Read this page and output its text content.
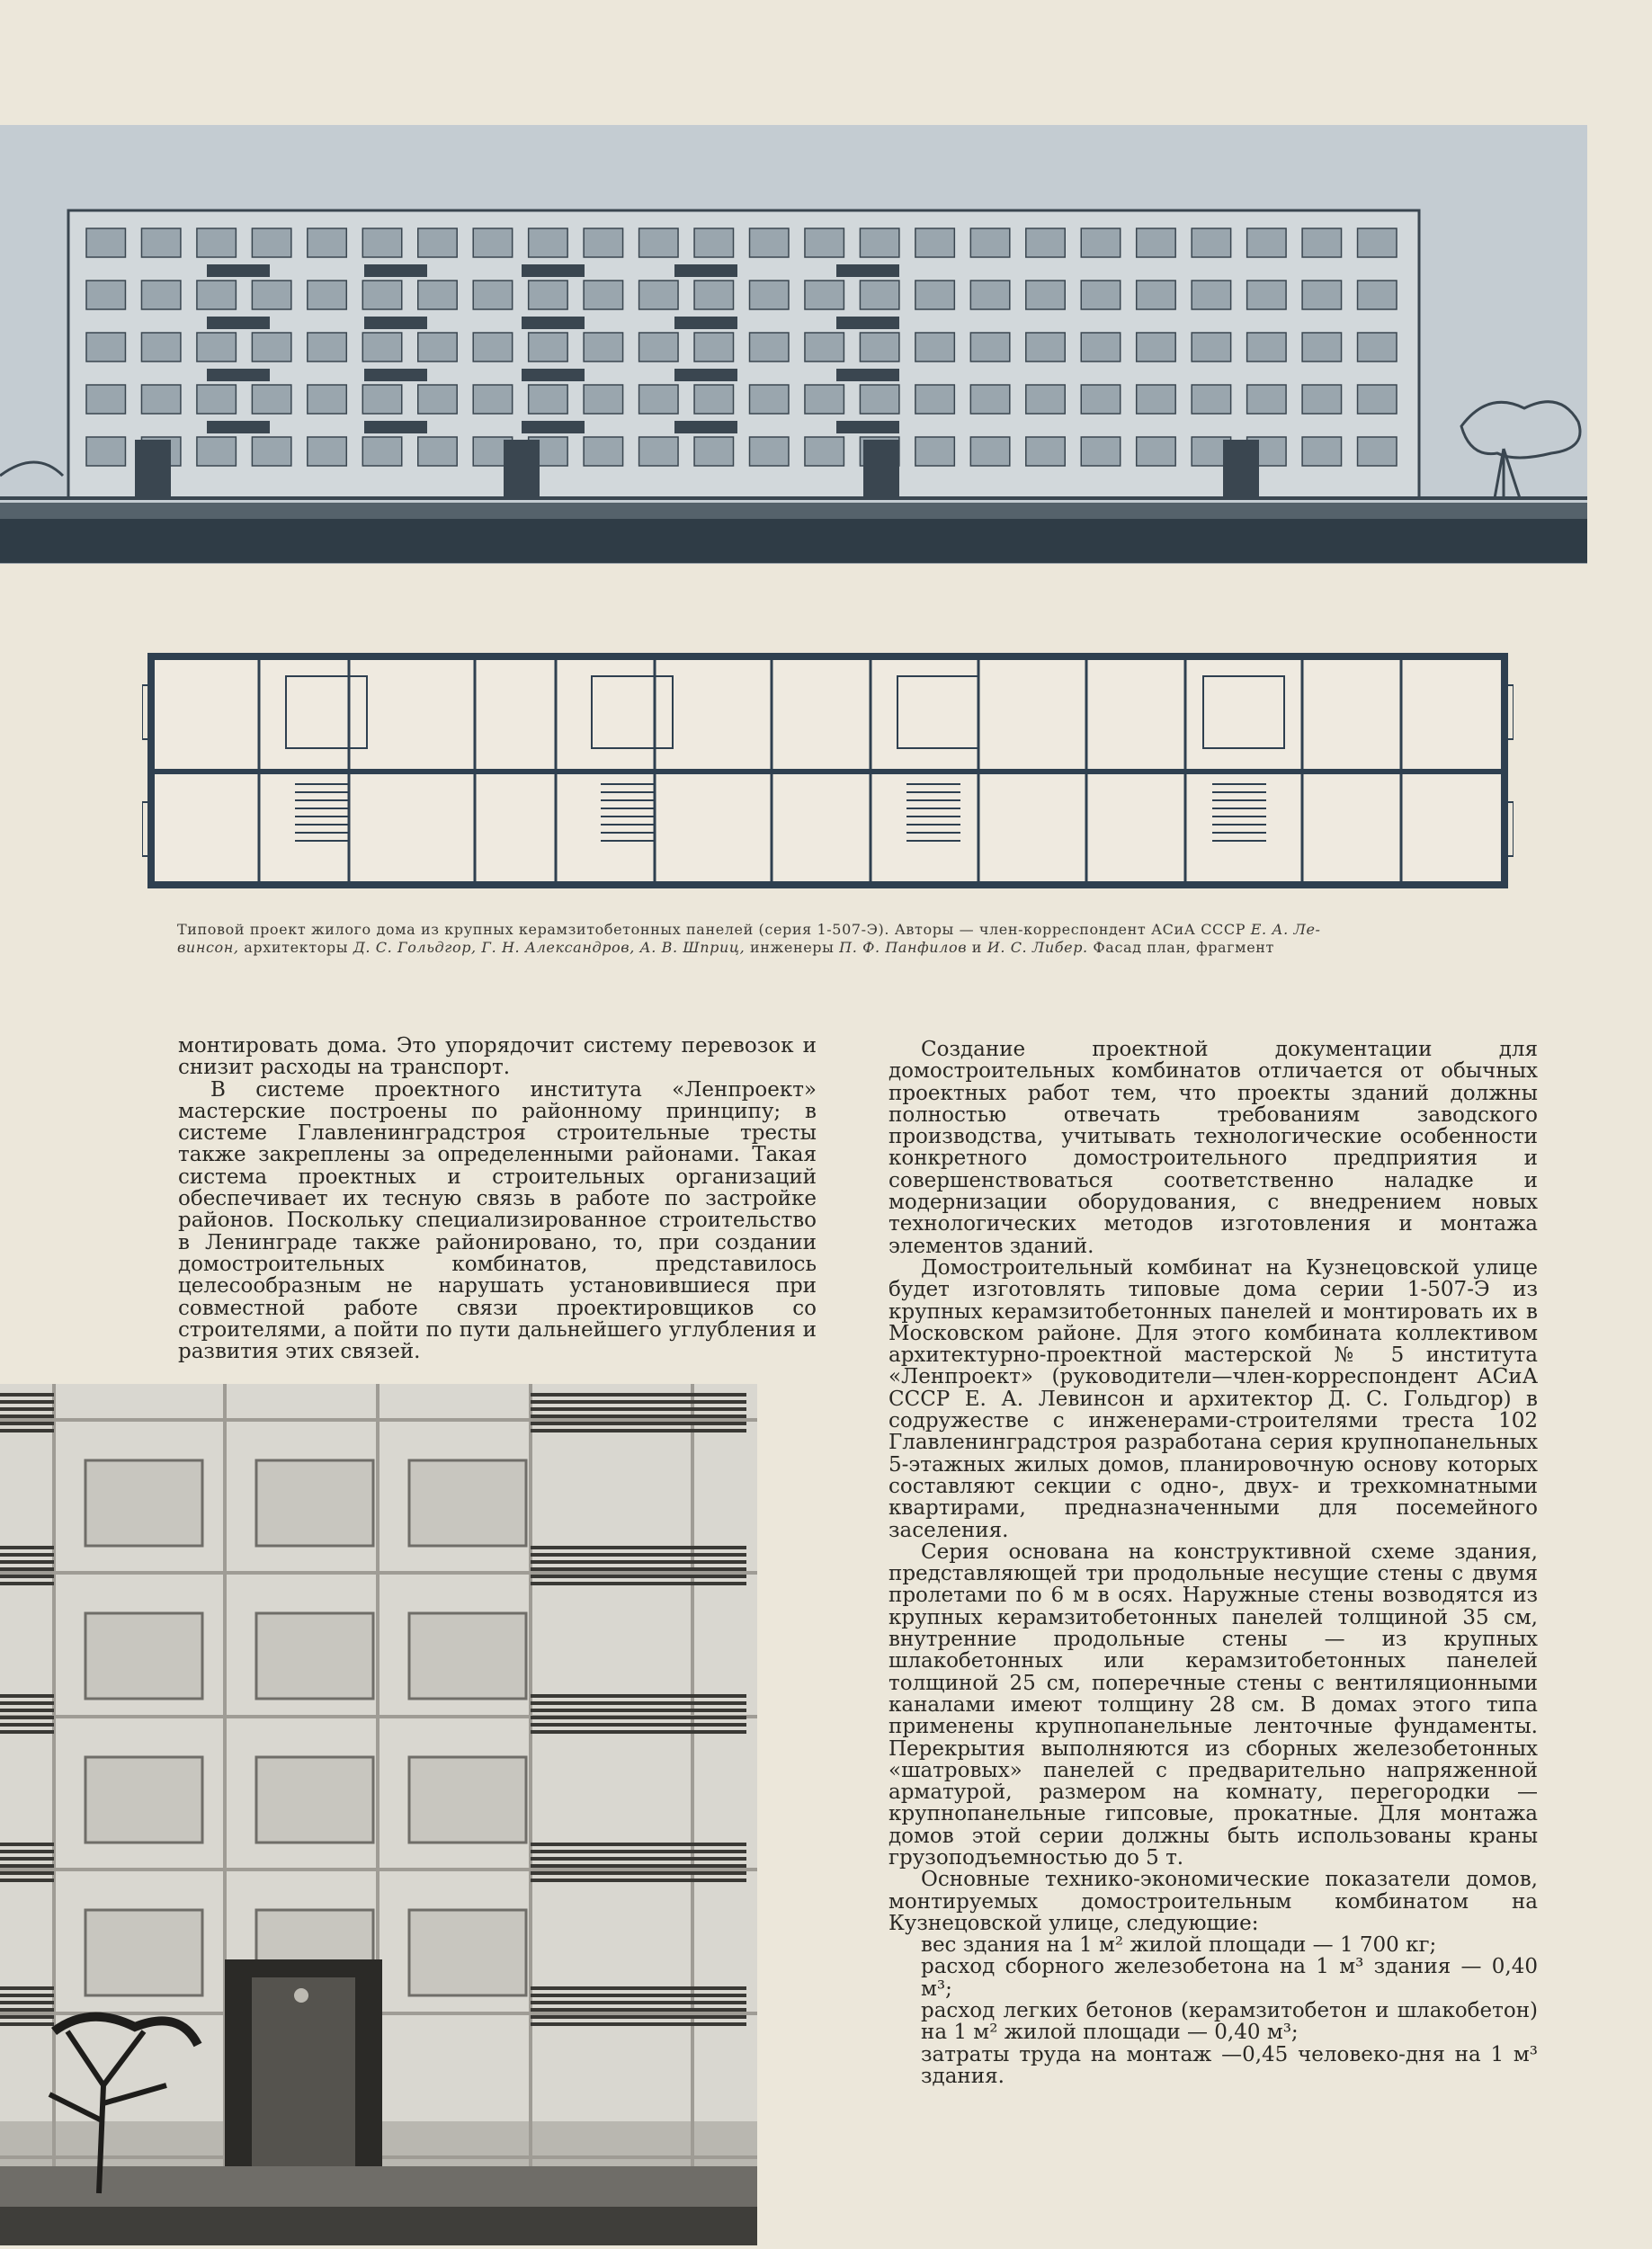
Типовой проект жилого дома из крупных керамзитобетонных панелей (серия 1-507-Э). Авторы — член-корреспондент АСиА СССР Е. А. Ле-
винсон, архитекторы Д. С. Гольдгор, Г. Н. Александров, А. В. Шприц, инженеры П. Ф. Панфилов и И. С. Либер. Фасад план, фрагмент

монтировать дома. Это упорядочит систему перевозок и снизит расходы на транспорт.

В системе проектного института «Ленпроект» мастерские построены по районному принципу; в системе Главленинградстроя строительные тресты также закреплены за определенными районами. Такая система проектных и строительных организаций обеспечивает их тесную связь в работе по застройке районов. Поскольку специализированное строительство в Ленинграде также районировано, то, при создании домостроительных комбинатов, представилось целесообразным не нарушать установившиеся при совместной работе связи проектировщиков со строителями, а пойти по пути дальнейшего углубления и развития этих связей.

Создание проектной документации для домостроительных комбинатов отличается от обычных проектных работ тем, что проекты зданий должны полностью отвечать требованиям заводского производства, учитывать технологические особенности конкретного домостроительного предприятия и совершенствоваться соответственно наладке и модернизации оборудования, с внедрением новых технологических методов изготовления и монтажа элементов зданий.

Домостроительный комбинат на Кузнецовской улице будет изготовлять типовые дома серии 1-507-Э из крупных керамзитобетонных панелей и монтировать их в Московском районе. Для этого комбината коллективом архитектурно-проектной мастерской № 5 института «Ленпроект» (руководители—член-корреспондент АСиА СССР Е. А. Левинсон и архитектор Д. С. Гольдгор) в содружестве с инженерами-строителями треста 102 Главленинградстроя разработана серия крупнопанельных 5-этажных жилых домов, планировочную основу которых составляют секции с одно-, двух- и трехкомнатными квартирами, предназначенными для посемейного заселения.

Серия основана на конструктивной схеме здания, представляющей три продольные несущие стены с двумя пролетами по 6 м в осях. Наружные стены возводятся из крупных керамзитобетонных панелей толщиной 35 см, внутренние продольные стены — из крупных шлакобетонных или керамзитобетонных панелей толщиной 25 см, поперечные стены с вентиляционными каналами имеют толщину 28 см. В домах этого типа применены крупнопанельные ленточные фундаменты. Перекрытия выполняются из сборных железобетонных «шатровых» панелей с предварительно напряженной арматурой, размером на комнату, перегородки — крупнопанельные гипсовые, прокатные. Для монтажа домов этой серии должны быть использованы краны грузоподъемностью до 5 т.

Основные технико-экономические показатели домов, монтируемых домостроительным комбинатом на Кузнецовской улице, следующие:

вес здания на 1 м² жилой площади — 1 700 кг;

расход сборного железобетона на 1 м³ здания — 0,40 м³;

расход легких бетонов (керамзитобетон и шлакобетон) на 1 м² жилой площади — 0,40 м³;

затраты труда на монтаж —0,45 человеко-дня на 1 м³ здания.
